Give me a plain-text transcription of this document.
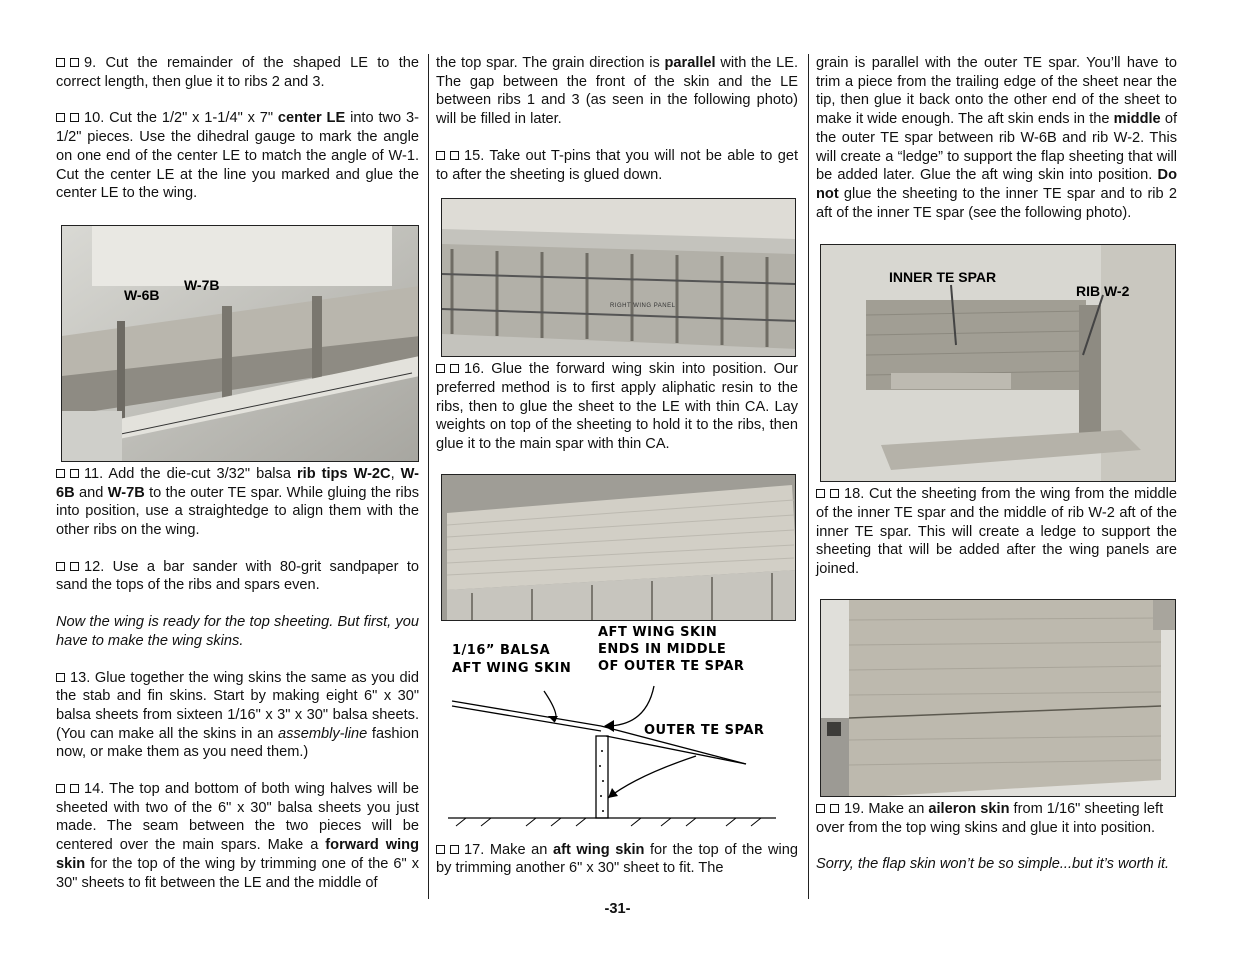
9. Cut the remainder of the shaped LE to the correct length, then glue it to ribs 2 and 3.

10. Cut the 1/2" x 1-1/4" x 7" center LE into two 3-1/2" pieces. Use the dihedral gauge to mark the angle on one end of the center LE to match the angle of W-1. Cut the center LE at the line you marked and glue the center LE to the wing.

W-6B
W-7B

11. Add the die-cut 3/32" balsa rib tips W-2C, W-6B and W-7B to the outer TE spar. While gluing the ribs into position, use a straightedge to align them with the other ribs on the wing.

12. Use a bar sander with 80-grit sandpaper to sand the tops of the ribs and spars even.

Now the wing is ready for the top sheeting. But first, you have to make the wing skins.

13. Glue together the wing skins the same as you did the stab and fin skins. Start by making eight 6" x 30" balsa sheets from sixteen 1/16" x 3" x 30" balsa sheets. (You can make all the skins in an assembly-line fashion now, or make them as you need them.)

14. The top and bottom of both wing halves will be sheeted with two of the 6" x 30" balsa sheets you just made. The seam between the two pieces will be centered over the main spars. Make a forward wing skin for the top of the wing by trimming one of the 6" x 30" sheets to fit between the LE and the middle of

the top spar. The grain direction is parallel with the LE. The gap between the front of the skin and the LE between ribs 1 and 3 (as seen in the following photo) will be filled in later.

15. Take out T-pins that you will not be able to get to after the sheeting is glued down.

RIGHT WING PANEL

16. Glue the forward wing skin into position. Our preferred method is to first apply aliphatic resin to the ribs, then to glue the sheet to the LE with thin CA. Lay weights on top of the sheeting to hold it to the ribs, then glue it to the main spar with thin CA.

1/16” BALSA
AFT WING SKIN
AFT WING SKIN
ENDS IN MIDDLE
OF OUTER TE SPAR
OUTER TE SPAR

17. Make an aft wing skin for the top of the wing by trimming another 6" x 30" sheet to fit. The

grain is parallel with the outer TE spar. You’ll have to trim a piece from the trailing edge of the sheet near the tip, then glue it back onto the other end of the sheet to make it wide enough. The aft skin ends in the middle of the outer TE spar between rib W-6B and rib W-2. This will create a “ledge” to support the flap sheeting that will be added later. Glue the aft wing skin into position. Do not glue the sheeting to the inner TE spar and to rib 2 aft of the inner TE spar (see the following photo).

INNER TE SPAR
RIB W-2

18. Cut the sheeting from the wing from the middle of the inner TE spar and the middle of rib W-2 aft of the inner TE spar. This will create a ledge to support the sheeting that will be added after the wing panels are joined.

19. Make an aileron skin from 1/16" sheeting left over from the top wing skins and glue it into position.

Sorry, the flap skin won’t be so simple...but it’s worth it.

-31-
